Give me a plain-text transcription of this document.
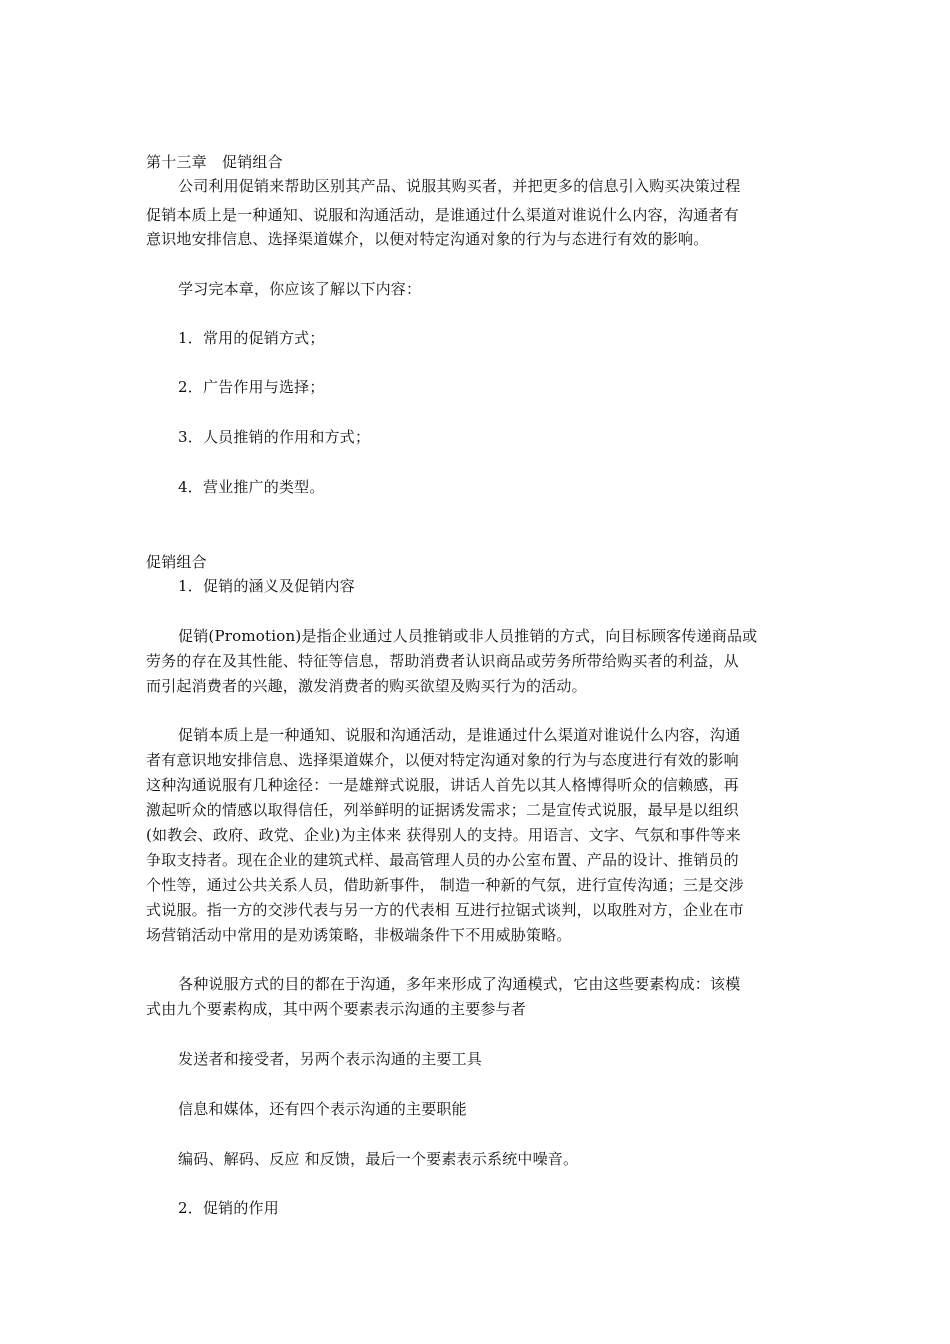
第十三章　促销组合
公司利用促销来帮助区别其产品、说服其购买者，并把更多的信息引入购买决策过程
促销本质上是一种通知、说服和沟通活动，是谁通过什么渠道对谁说什么内容，沟通者有
意识地安排信息、选择渠道媒介，以便对特定沟通对象的行为与态进行有效的影响。
学习完本章，你应该了解以下内容：
1．常用的促销方式；
2．广告作用与选择；
3．人员推销的作用和方式；
4．营业推广的类型。
促销组合
1．促销的涵义及促销内容
促销(Promotion)是指企业通过人员推销或非人员推销的方式，向目标顾客传递商品或
劳务的存在及其性能、特征等信息，帮助消费者认识商品或劳务所带给购买者的利益，从
而引起消费者的兴趣，激发消费者的购买欲望及购买行为的活动。
促销本质上是一种通知、说服和沟通活动，是谁通过什么渠道对谁说什么内容，沟通
者有意识地安排信息、选择渠道媒介，以便对特定沟通对象的行为与态度进行有效的影响
这种沟通说服有几种途径：一是雄辩式说服，讲话人首先以其人格博得听众的信赖感，再
激起听众的情感以取得信任，列举鲜明的证据诱发需求；二是宣传式说服，最早是以组织
(如教会、政府、政党、企业)为主体来 获得别人的支持。用语言、文字、气氛和事件等来
争取支持者。现在企业的建筑式样、最高管理人员的办公室布置、产品的设计、推销员的
个性等，通过公共关系人员，借助新事件， 制造一种新的气氛，进行宣传沟通；三是交涉
式说服。指一方的交涉代表与另一方的代表相 互进行拉锯式谈判，以取胜对方，企业在市
场营销活动中常用的是劝诱策略，非极端条件下不用威胁策略。
各种说服方式的目的都在于沟通，多年来形成了沟通模式，它由这些要素构成：该模
式由九个要素构成，其中两个要素表示沟通的主要参与者
发送者和接受者，另两个表示沟通的主要工具
信息和媒体，还有四个表示沟通的主要职能
编码、解码、反应 和反馈，最后一个要素表示系统中噪音。
2．促销的作用
